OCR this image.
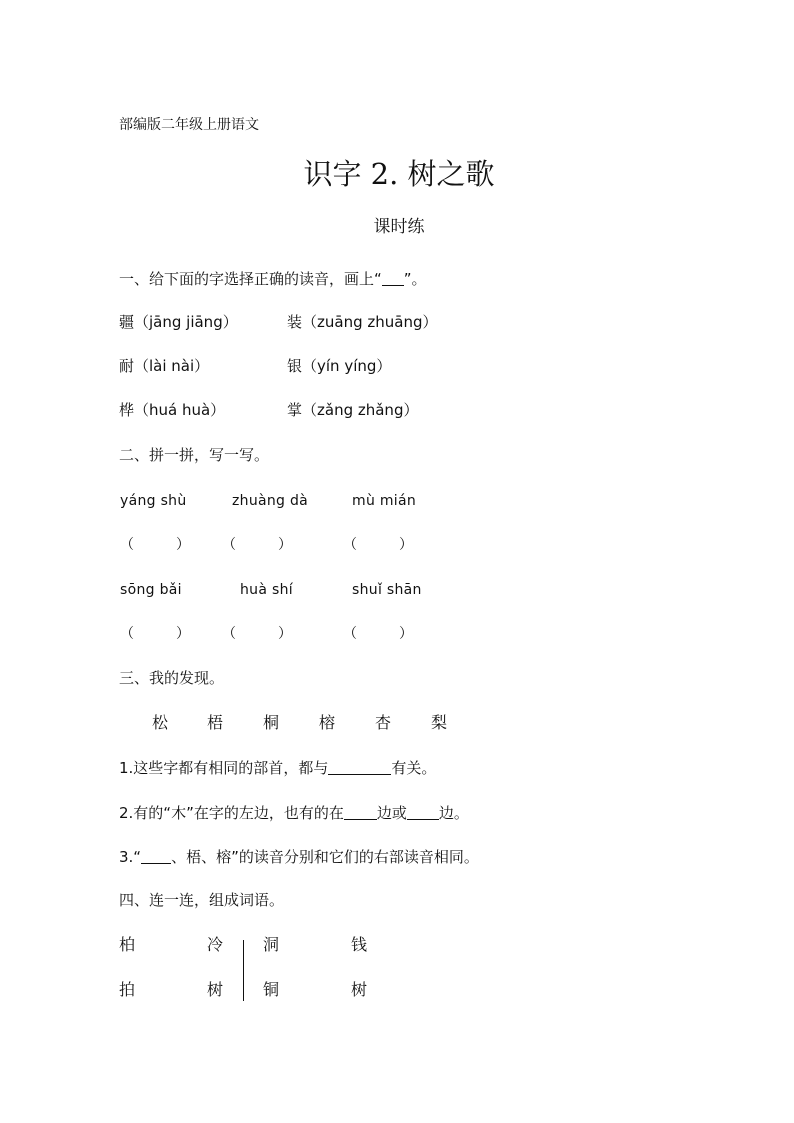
部编版二年级上册语文
识字 2. 树之歌
课时练
一、给下面的字选择正确的读音，画上“ ”。
疆（jāng jiāng）	装（zuāng zhuāng）
耐（lài nài）	银（yín yíng）
桦（huá huà）	掌（zǎng zhǎng）
二、拼一拼，写一写。
yáng shù	zhuàng dà	mù mián
（　　　） （　　　）	（　　　）
sōng bǎi	huà shí	shuǐ shān
（　　　） （　　　）	（　　　）
三、我的发现。
松 梧 桐 榕 杏 梨
1.这些字都有相同的部首，都与	有关。
2.有的“木”在字的左边，也有的在 边或 边。
3.“ 、梧、榕”的读音分别和它们的右部读音相同。
四、连一连，组成词语。
柏	冷 洞	钱
拍	树 铜	树
